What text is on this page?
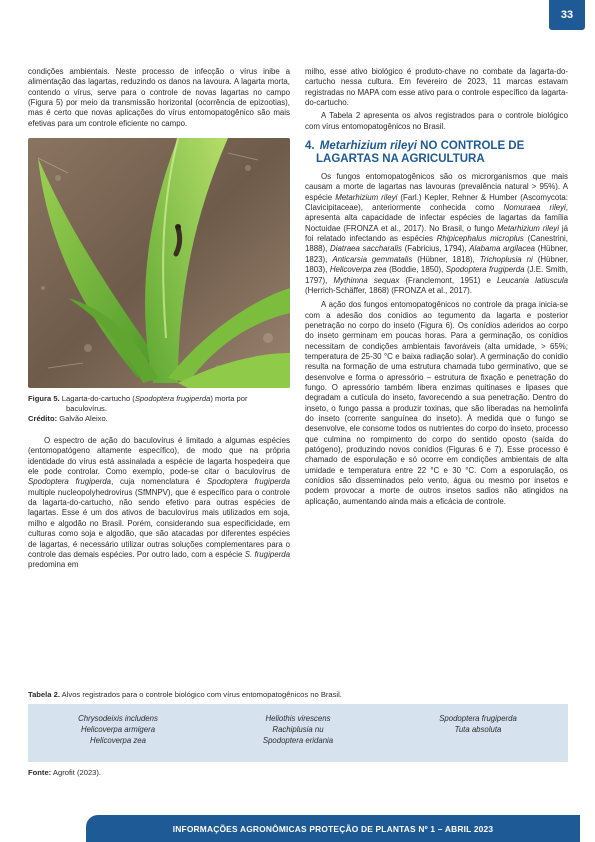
33

condições ambientais. Neste processo de infecção o vírus inibe a alimentação das lagartas, reduzindo os danos na lavoura. A lagarta morta, contendo o vírus, serve para o controle de novas lagartas no campo (Figura 5) por meio da transmissão horizontal (ocorrência de epizootias), mas é certo que novas aplicações do vírus entomopatogênico são mais efetivas para um controle eficiente no campo.

Figura 5. Lagarta-do-cartucho (Spodoptera frugiperda) morta por
baculovírus.
Crédito: Galvão Aleixo.

O espectro de ação do baculovírus é limitado a algumas espécies (entomopatógeno altamente específico), de modo que na própria identidade do vírus está assinalada a espécie de lagarta hospedeira que ele pode controlar. Como exemplo, pode-se citar o baculovírus de Spodoptera frugiperda, cuja nomenclatura é Spodoptera frugiperda multiple nucleopolyhedrovirus (SfMNPV), que é específico para o controle da lagarta-do-cartucho, não sendo efetivo para outras espécies de lagartas. Esse é um dos ativos de baculovírus mais utilizados em soja, milho e algodão no Brasil. Porém, considerando sua especificidade, em culturas como soja e algodão, que são atacadas por diferentes espécies de lagartas, é necessário utilizar outras soluções complementares para o controle das demais espécies. Por outro lado, com a espécie S. frugiperda predomina em

milho, esse ativo biológico é produto-chave no combate da lagarta-do-cartucho nessa cultura. Em fevereiro de 2023, 11 marcas estavam registradas no MAPA com esse ativo para o controle específico da lagarta-do-cartucho.

A Tabela 2 apresenta os alvos registrados para o controle biológico com vírus entomopatogênicos no Brasil.

4. Metarhizium rileyi NO CONTROLE DE
LAGARTAS NA AGRICULTURA

Os fungos entomopatogênicos são os microrganismos que mais causam a morte de lagartas nas lavouras (prevalência natural > 95%). A espécie Metarhizium rileyi (Farl.) Kepler, Rehner & Humber (Ascomycota: Clavicipitaceae), anteriormente conhecida como Nomuraea rileyi, apresenta alta capacidade de infectar espécies de lagartas da família Noctuidae (FRONZA et al., 2017). No Brasil, o fungo Metarhizium rileyi já foi relatado infectando as espécies Rhipicephalus microplus (Canestrini, 1888), Diatraea saccharalis (Fabricius, 1794), Alabama argilacea (Hübner, 1823), Anticarsia gemmatalis (Hübner, 1818), Trichoplusia ni (Hübner, 1803), Helicoverpa zea (Boddie, 1850), Spodoptera frugiperda (J.E. Smith, 1797), Mythimna sequax (Franclemont, 1951) e Leucania latiuscula (Herrich-Schäffer, 1868) (FRONZA et al., 2017).

A ação dos fungos entomopatogênicos no controle da praga inicia-se com a adesão dos conídios ao tegumento da lagarta e posterior penetração no corpo do inseto (Figura 6). Os conídios aderidos ao corpo do inseto germinam em poucas horas. Para a germinação, os conídios necessitam de condições ambientais favoráveis (alta umidade, > 65%; temperatura de 25-30 °C e baixa radiação solar). A germinação do conídio resulta na formação de uma estrutura chamada tubo germinativo, que se desenvolve e forma o apressório – estrutura de fixação e penetração do fungo. O apressório também libera enzimas quitinases e lipases que degradam a cutícula do inseto, favorecendo a sua penetração. Dentro do inseto, o fungo passa a produzir toxinas, que são liberadas na hemolinfa do inseto (corrente sanguínea do inseto). À medida que o fungo se desenvolve, ele consome todos os nutrientes do corpo do inseto, processo que culmina no rompimento do corpo do sentido oposto (saída do patógeno), produzindo novos conídios (Figuras 6 e 7). Esse processo é chamado de esporulação e só ocorre em condições ambientais de alta umidade e temperatura entre 22 °C e 30 °C. Com a esporulação, os conídios são disseminados pelo vento, água ou mesmo por insetos e podem provocar a morte de outros insetos sadios não atingidos na aplicação, aumentando ainda mais a eficácia de controle.

Tabela 2. Alvos registrados para o controle biológico com vírus entomopatogênicos no Brasil.
Chrysodeixis includens
Helicoverpa armigera
Helicoverpa zea
Heliothis virescens
Rachiplusia nu
Spodoptera eridania
Spodoptera frugiperda
Tuta absoluta
Fonte: Agrofit (2023).
INFORMAÇÕES AGRONÔMICAS PROTEÇÃO DE PLANTAS Nº 1 – ABRIL 2023
